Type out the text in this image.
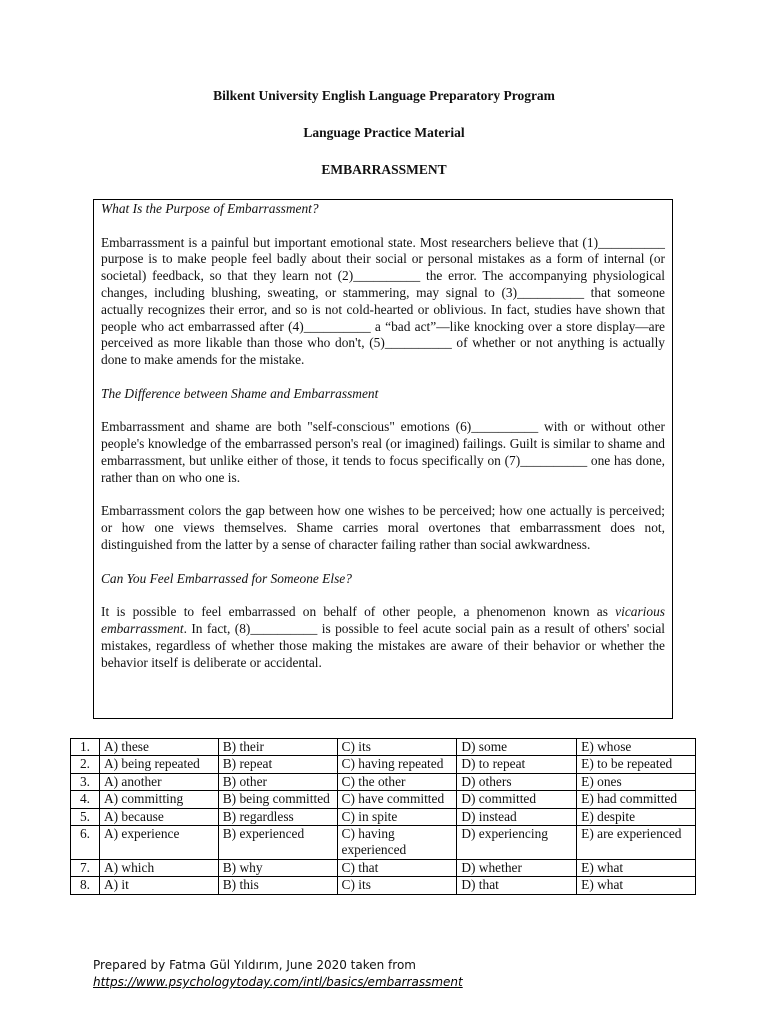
Bilkent University English Language Preparatory Program
Language Practice Material
EMBARRASSMENT

What Is the Purpose of Embarrassment?

Embarrassment is a painful but important emotional state. Most researchers believe that (1)__________ purpose is to make people feel badly about their social or personal mistakes as a form of internal (or societal) feedback, so that they learn not (2)__________ the error. The accompanying physiological changes, including blushing, sweating, or stammering, may signal to (3)__________ that someone actually recognizes their error, and so is not cold-hearted or oblivious. In fact, studies have shown that people who act embarrassed after (4)__________ a “bad act”—like knocking over a store display—are perceived as more likable than those who don't, (5)__________ of whether or not anything is actually done to make amends for the mistake.

The Difference between Shame and Embarrassment

Embarrassment and shame are both "self-conscious" emotions (6)__________ with or without other people's knowledge of the embarrassed person's real (or imagined) failings. Guilt is similar to shame and embarrassment, but unlike either of those, it tends to focus specifically on (7)__________ one has done, rather than on who one is.

Embarrassment colors the gap between how one wishes to be perceived; how one actually is perceived; or how one views themselves. Shame carries moral overtones that embarrassment does not, distinguished from the latter by a sense of character failing rather than social awkwardness.

Can You Feel Embarrassed for Someone Else?

It is possible to feel embarrassed on behalf of other people, a phenomenon known as vicarious embarrassment. In fact, (8)__________ is possible to feel acute social pain as a result of others' social mistakes, regardless of whether those making the mistakes are aware of their behavior or whether the behavior itself is deliberate or accidental.

1.	A) these	B) their	C) its	D) some	E) whose
2.	A) being repeated	B) repeat	C) having repeated	D) to repeat	E) to be repeated
3.	A) another	B) other	C) the other	D) others	E) ones
4.	A) committing	B) being committed	C) have committed	D) committed	E) had committed
5.	A) because	B) regardless	C) in spite	D) instead	E) despite
6.	A) experience	B) experienced	C) having experienced	D) experiencing	E) are experienced
7.	A) which	B) why	C) that	D) whether	E) what
8.	A) it	B) this	C) its	D) that	E) what
Prepared by Fatma Gül Yıldırım, June 2020 taken from
https://www.psychologytoday.com/intl/basics/embarrassment
